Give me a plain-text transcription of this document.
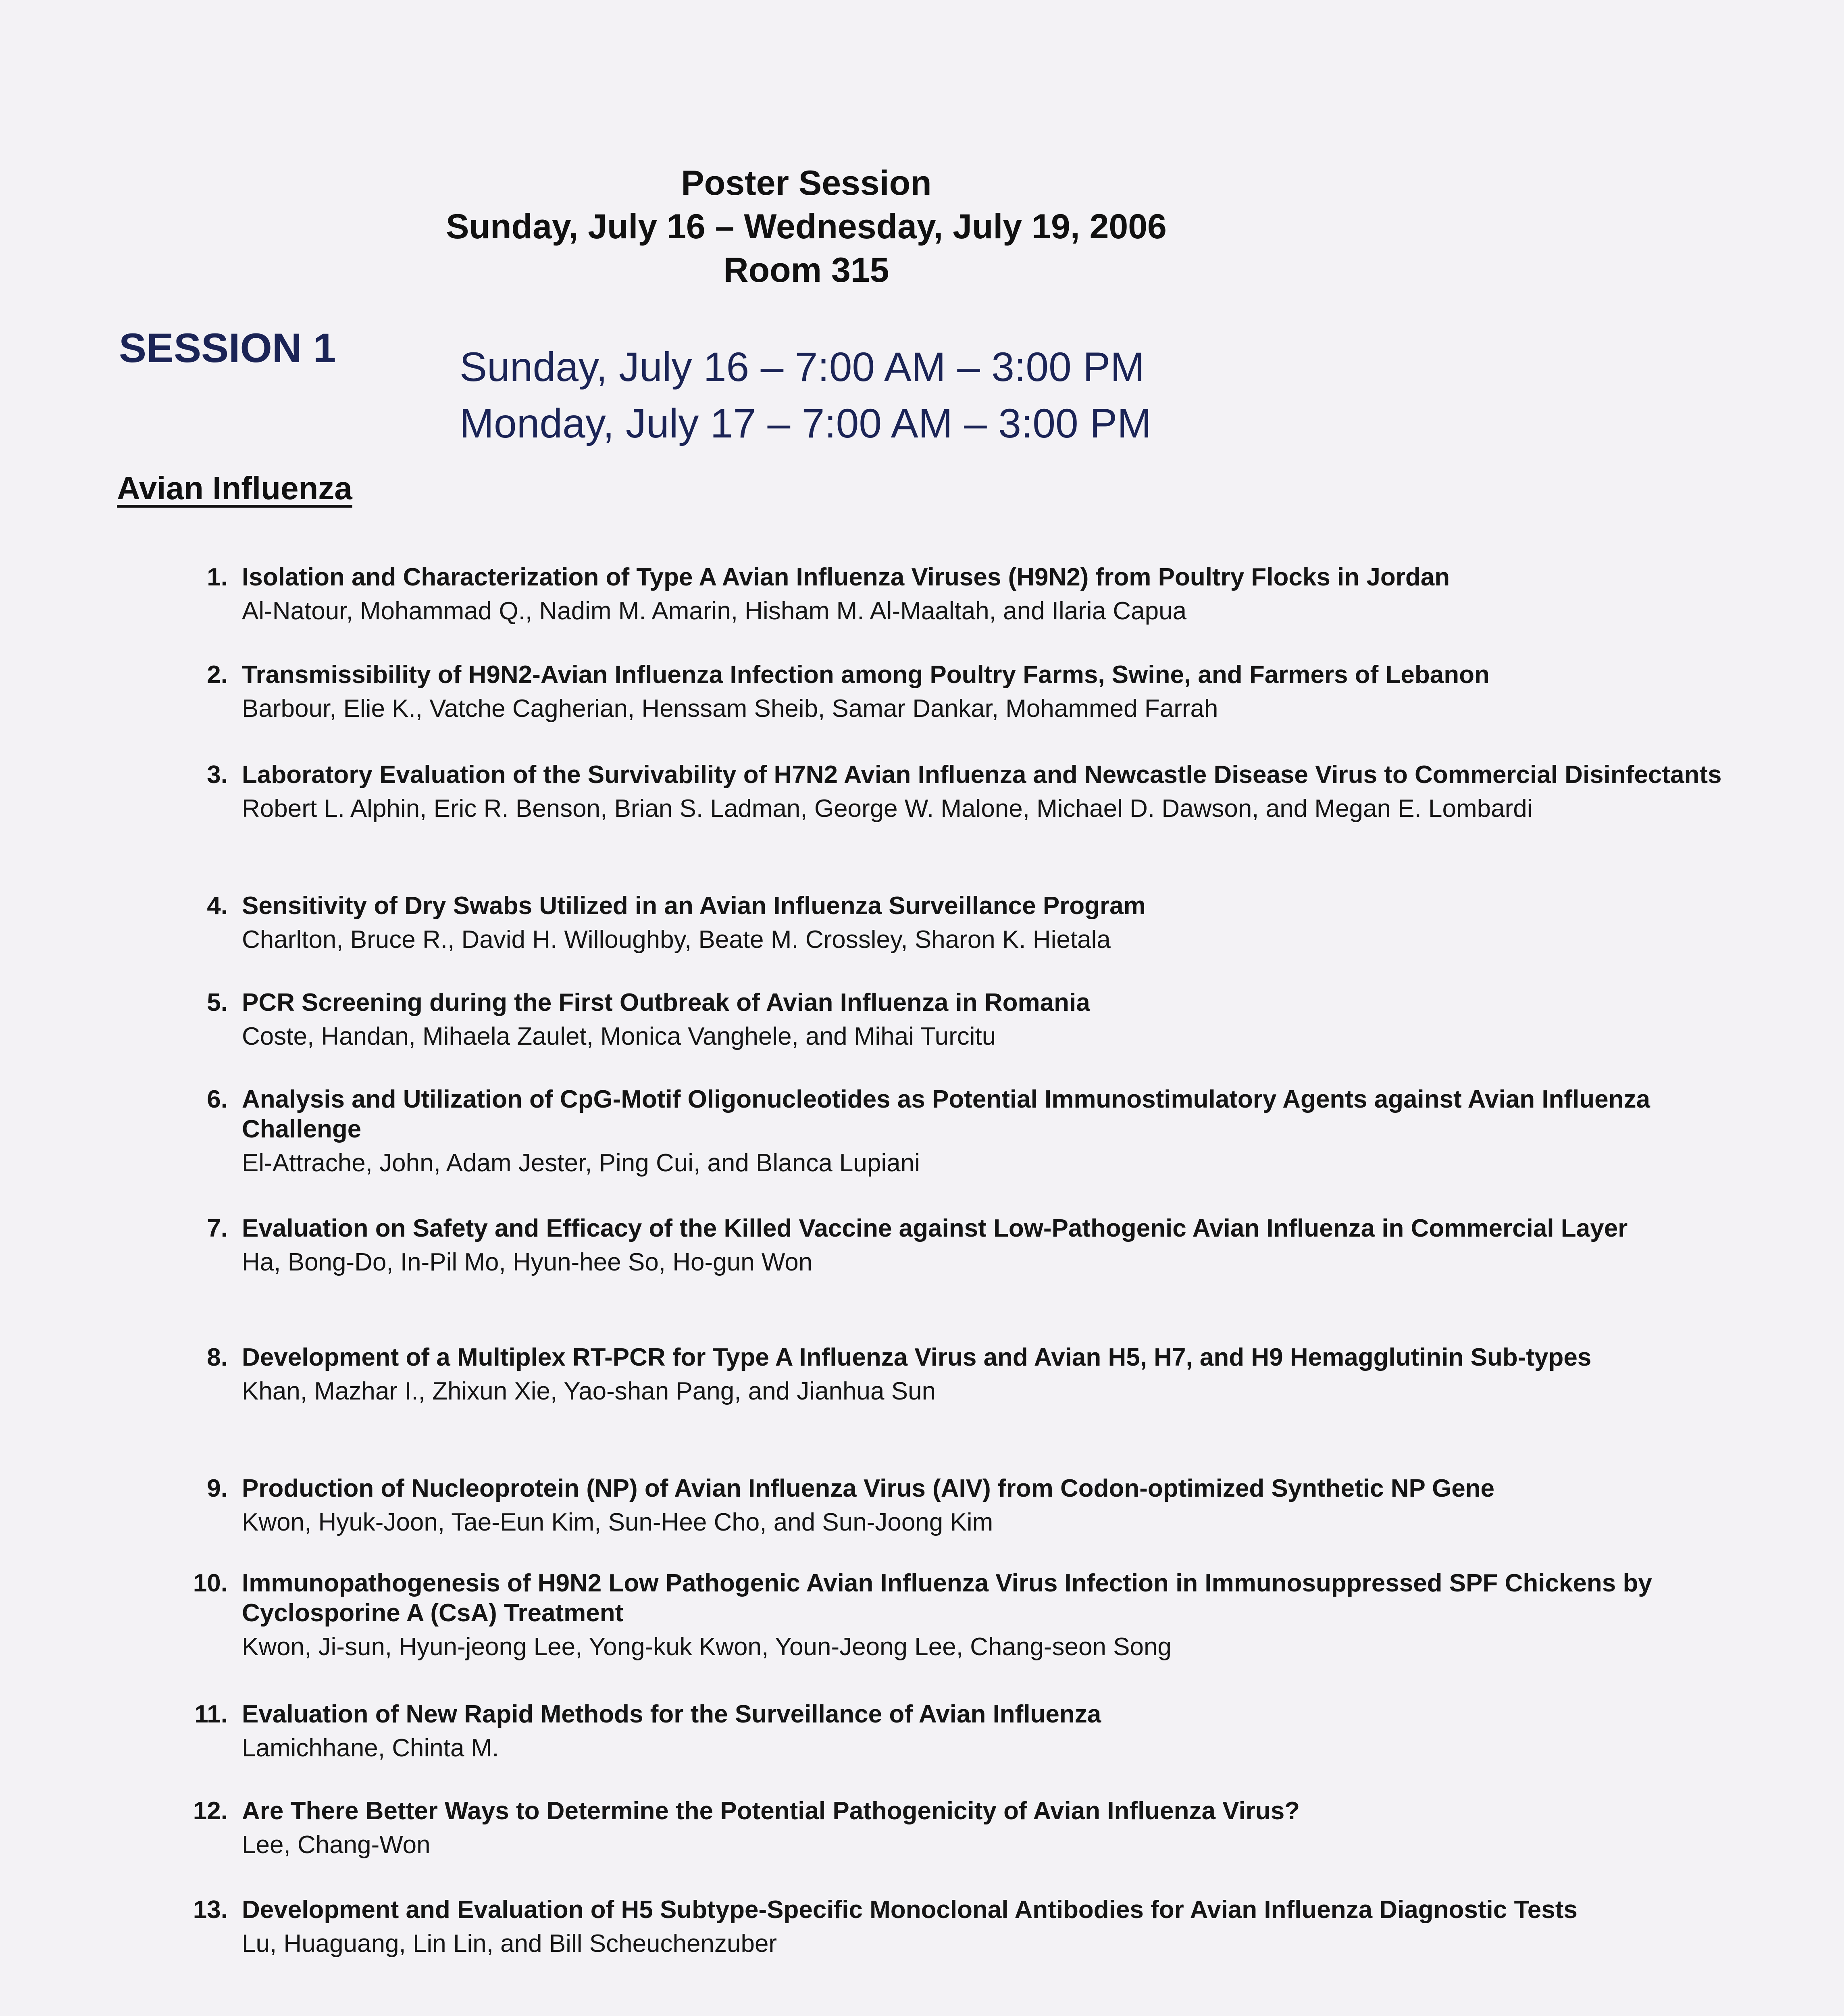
Poster Session
Sunday, July 16 – Wednesday, July 19, 2006
Room 315
SESSION 1	Sunday, July 16 – 7:00 AM – 3:00 PM
Monday, July 17 – 7:00 AM – 3:00 PM
Avian Influenza
1. Isolation and Characterization of Type A Avian Influenza Viruses (H9N2) from Poultry Flocks in Jordan
Al-Natour, Mohammad Q., Nadim M. Amarin, Hisham M. Al-Maaltah, and Ilaria Capua
2. Transmissibility of H9N2-Avian Influenza Infection among Poultry Farms, Swine, and Farmers of Lebanon
Barbour, Elie K., Vatche Cagherian, Henssam Sheib, Samar Dankar, Mohammed Farrah
3. Laboratory Evaluation of the Survivability of H7N2 Avian Influenza and Newcastle Disease Virus to Commercial Disinfectants
Robert L. Alphin, Eric R. Benson, Brian S. Ladman, George W. Malone, Michael D. Dawson, and Megan E. Lombardi
4. Sensitivity of Dry Swabs Utilized in an Avian Influenza Surveillance Program
Charlton, Bruce R., David H. Willoughby, Beate M. Crossley, Sharon K. Hietala
5. PCR Screening during the First Outbreak of Avian Influenza in Romania
Coste, Handan, Mihaela Zaulet, Monica Vanghele, and Mihai Turcitu
6. Analysis and Utilization of CpG-Motif Oligonucleotides as Potential Immunostimulatory Agents against Avian Influenza Challenge
El-Attrache, John, Adam Jester, Ping Cui, and Blanca Lupiani
7. Evaluation on Safety and Efficacy of the Killed Vaccine against Low-Pathogenic Avian Influenza in Commercial Layer
Ha, Bong-Do, In-Pil Mo, Hyun-hee So, Ho-gun Won
8. Development of a Multiplex RT-PCR for Type A Influenza Virus and Avian H5, H7, and H9 Hemagglutinin Sub-types
Khan, Mazhar I., Zhixun Xie, Yao-shan Pang, and Jianhua Sun
9. Production of Nucleoprotein (NP) of Avian Influenza Virus (AIV) from Codon-optimized Synthetic NP Gene
Kwon, Hyuk-Joon, Tae-Eun Kim, Sun-Hee Cho, and Sun-Joong Kim
10. Immunopathogenesis of H9N2 Low Pathogenic Avian Influenza Virus Infection in Immunosuppressed SPF Chickens by Cyclosporine A (CsA) Treatment
Kwon, Ji-sun, Hyun-jeong Lee, Yong-kuk Kwon, Youn-Jeong Lee, Chang-seon Song
11. Evaluation of New Rapid Methods for the Surveillance of Avian Influenza
Lamichhane, Chinta M.
12. Are There Better Ways to Determine the Potential Pathogenicity of Avian Influenza Virus?
Lee, Chang-Won
13. Development and Evaluation of H5 Subtype-Specific Monoclonal Antibodies for Avian Influenza Diagnostic Tests
Lu, Huaguang, Lin Lin, and Bill Scheuchenzuber
